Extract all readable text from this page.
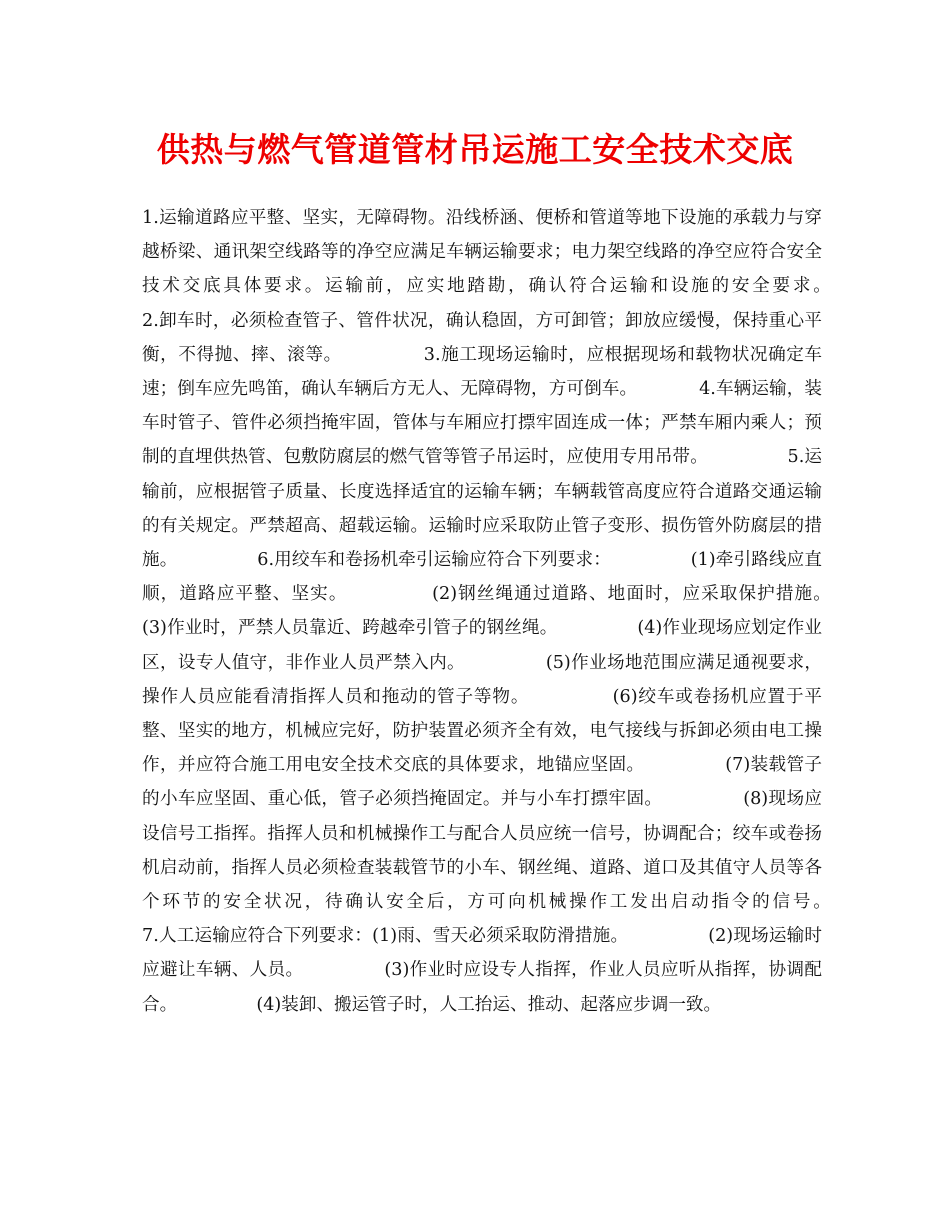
供热与燃气管道管材吊运施工安全技术交底

1.运输道路应平整、坚实，无障碍物。沿线桥涵、便桥和管道等地下设施的承载力与穿越桥梁、通讯架空线路等的净空应满足车辆运输要求；电力架空线路的净空应符合安全技术交底具体要求。运输前，应实地踏勘，确认符合运输和设施的安全要求。　　　　　2.卸车时，必须检查管子、管件状况，确认稳固，方可卸管；卸放应缓慢，保持重心平衡，不得抛、摔、滚等。　　　　　3.施工现场运输时，应根据现场和载物状况确定车速；倒车应先鸣笛，确认车辆后方无人、无障碍物，方可倒车。　　　　4.车辆运输，装车时管子、管件必须挡掩牢固，管体与车厢应打摽牢固连成一体；严禁车厢内乘人；预制的直埋供热管、包敷防腐层的燃气管等管子吊运时，应使用专用吊带。　　　　　5.运输前，应根据管子质量、长度选择适宜的运输车辆；车辆载管高度应符合道路交通运输的有关规定。严禁超高、超载运输。运输时应采取防止管子变形、损伤管外防腐层的措施。　　　　　6.用绞车和卷扬机牵引运输应符合下列要求：　　　　　(1)牵引路线应直顺，道路应平整、坚实。　　　　　(2)钢丝绳通过道路、地面时，应采取保护措施。　　　　　(3)作业时，严禁人员靠近、跨越牵引管子的钢丝绳。　　　　　(4)作业现场应划定作业区，设专人值守，非作业人员严禁入内。　　　　　(5)作业场地范围应满足通视要求，操作人员应能看清指挥人员和拖动的管子等物。　　　　　(6)绞车或卷扬机应置于平整、坚实的地方，机械应完好，防护装置必须齐全有效，电气接线与拆卸必须由电工操作，并应符合施工用电安全技术交底的具体要求，地锚应坚固。　　　　　(7)装载管子的小车应坚固、重心低，管子必须挡掩固定。并与小车打摽牢固。　　　　　(8)现场应设信号工指挥。指挥人员和机械操作工与配合人员应统一信号，协调配合；绞车或卷扬机启动前，指挥人员必须检查装载管节的小车、钢丝绳、道路、道口及其值守人员等各个环节的安全状况，待确认安全后，方可向机械操作工发出启动指令的信号。　　　　　7.人工运输应符合下列要求：(1)雨、雪天必须采取防滑措施。　　　　　(2)现场运输时应避让车辆、人员。　　　　　(3)作业时应设专人指挥，作业人员应听从指挥，协调配合。　　　　　(4)装卸、搬运管子时，人工抬运、推动、起落应步调一致。
